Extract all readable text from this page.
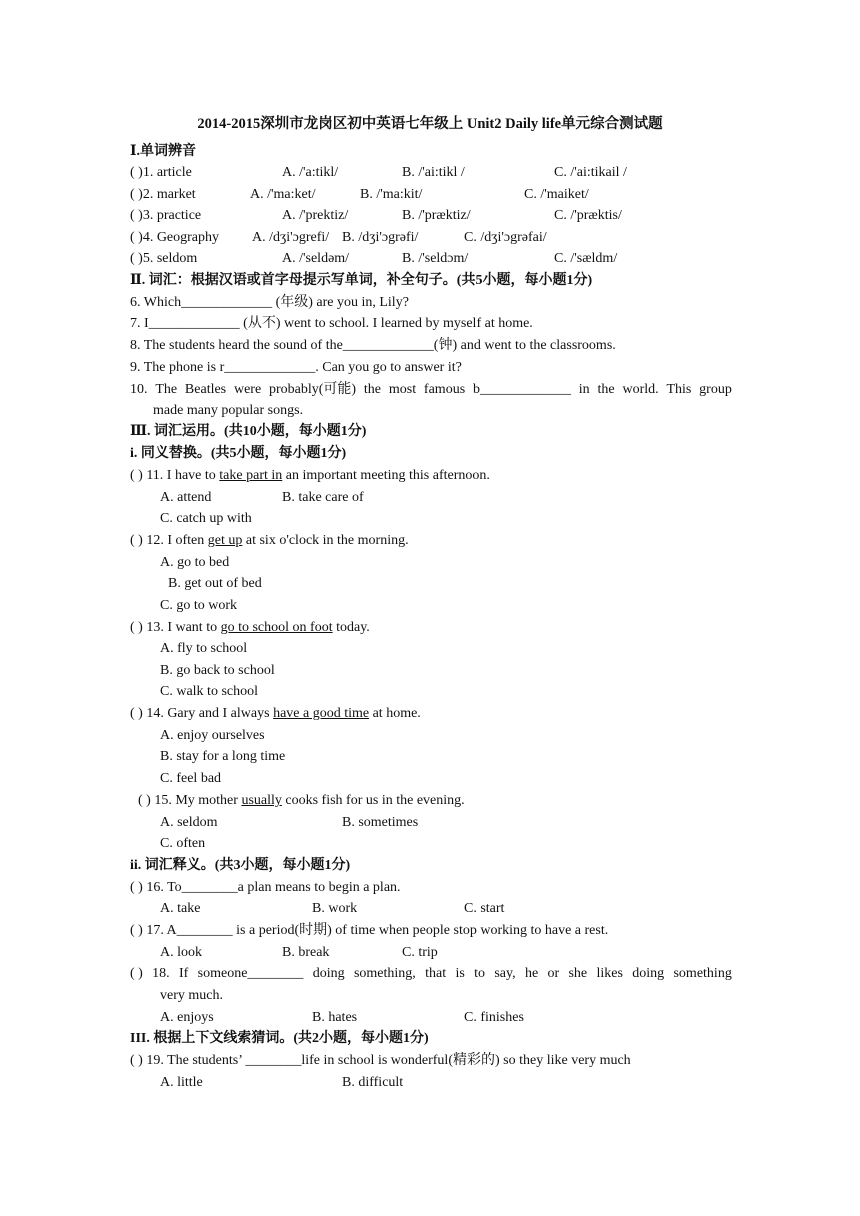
2014-2015深圳市龙岗区初中英语七年级上 Unit2 Daily life单元综合测试题
Ⅰ.单词辨音
( )1. article	A. /'a:tikl/	B. /'ai:tikl /	C. /'ai:tikail /
( )2. market	A. /'ma:ket/	B. /'ma:kit/	C. /'maiket/
( )3. practice	A. /'prektiz/	B. /'præktiz/	C. /'præktis/
( )4. Geography A. /dʒi'ɔgrefi/ B. /dʒi'ɔgrəfi/	C. /dʒi'ɔgrəfai/
( )5. seldom	A. /'seldəm/	B. /'seldɔm/	C. /'sældm/
Ⅱ. 词汇：根据汉语或首字母提示写单词，补全句子。(共5小题，每小题1分)
6. Which_____________ (年级) are you in, Lily?
7. I_____________ (从不) went to school. I learned by myself at home.
8. The students heard the sound of the_____________(钟) and went to the classrooms.
9. The phone is r_____________. Can you go to answer it?
10. The Beatles were probably(可能) the most famous b_____________ in the world. This group
made many popular songs.
Ⅲ. 词汇运用。(共10小题，每小题1分)
i. 同义替换。(共5小题，每小题1分)
( ) 11. I have to take part in an important meeting this afternoon.
A. attend	B. take care of
C. catch up with
( ) 12. I often get up at six o'clock in the morning.
A. go to bed
B. get out of bed
C. go to work
( ) 13. I want to go to school on foot today.
A. fly to school
B. go back to school
C. walk to school
( ) 14. Gary and I always have a good time at home.
A. enjoy ourselves
B. stay for a long time
C. feel bad
( ) 15. My mother usually cooks fish for us in the evening.
A. seldom	B. sometimes
C. often
ii. 词汇释义。(共3小题，每小题1分)
( ) 16. To________a plan means to begin a plan.
A. take	B. work	C. start
( ) 17. A________ is a period(时期) of time when people stop working to have a rest.
A. look	B. break	C. trip
( ) 18. If someone________ doing something, that is to say, he or she likes doing something
very much.
A. enjoys	B. hates	C. finishes
III. 根据上下文线索猜词。(共2小题，每小题1分)
( ) 19. The students’ ________life in school is wonderful(精彩的) so they like very much
A. little	B. difficult
